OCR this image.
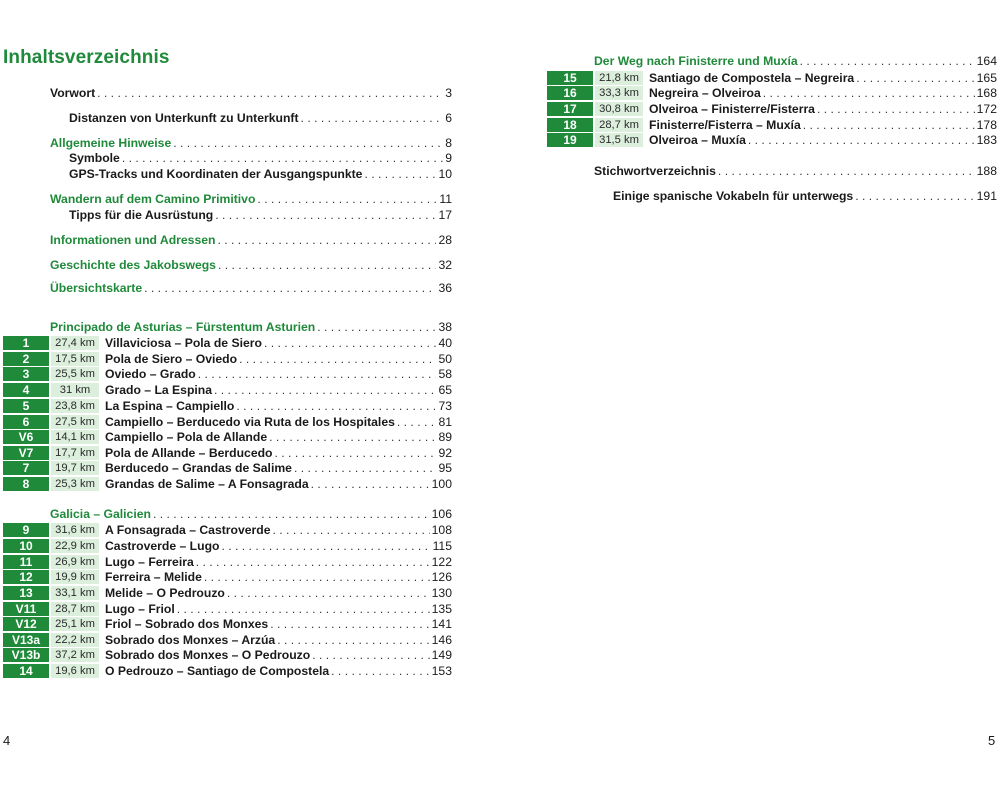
Inhaltsverzeichnis
Vorwort . . .	3
Distanzen von Unterkunft zu Unterkunft . . .	6
Allgemeine Hinweise . . .	8
Symbole . . .	9
GPS-Tracks und Koordinaten der Ausgangspunkte . . .	10
Wandern auf dem Camino Primitivo . . .	11
Tipps für die Ausrüstung . . .	17
Informationen und Adressen . . .	28
Geschichte des Jakobswegs . . .	32
Übersichtskarte . . .	36
Principado de Asturias – Fürstentum Asturien . . .	38
1	27,4 km Villaviciosa – Pola de Siero . . .	40
2	17,5 km Pola de Siero – Oviedo . . .	50
3	25,5 km Oviedo – Grado . . .	58
4	31 km	Grado – La Espina . . .	65
5	23,8 km La Espina – Campiello . . .	73
6	27,5 km Campiello – Berducedo via Ruta de los Hospitales . . .	81
V6	14,1 km Campiello – Pola de Allande . . .	89
V7	17,7 km Pola de Allande – Berducedo . . .	92
7	19,7 km Berducedo – Grandas de Salime . . .	95
8	25,3 km Grandas de Salime – A Fonsagrada . . .	100
Galicia – Galicien . . .	106
9	31,6 km A Fonsagrada – Castroverde . . .	108
10	22,9 km Castroverde – Lugo . . .	115
11	26,9 km Lugo – Ferreira . . .	122
12	19,9 km Ferreira – Melide . . .	126
13	33,1 km Melide – O Pedrouzo . . .	130
V11	28,7 km Lugo – Friol . . .	135
V12	25,1 km Friol – Sobrado dos Monxes . . .	141
V13a	22,2 km Sobrado dos Monxes – Arzúa . . .	146
V13b	37,2 km Sobrado dos Monxes – O Pedrouzo . . .	149
14	19,6 km O Pedrouzo – Santiago de Compostela . . .	153
Der Weg nach Finisterre und Muxía . . .	164
15	21,8 km Santiago de Compostela – Negreira . . .	165
16	33,3 km Negreira – Olveiroa . . .	168
17	30,8 km Olveiroa – Finisterre/Fisterra . . .	172
18	28,7 km Finisterre/Fisterra – Muxía . . .	178
19	31,5 km Olveiroa – Muxía . . .	183
Stichwortverzeichnis . . .	188
Einige spanische Vokabeln für unterwegs . . .	191
4	5
